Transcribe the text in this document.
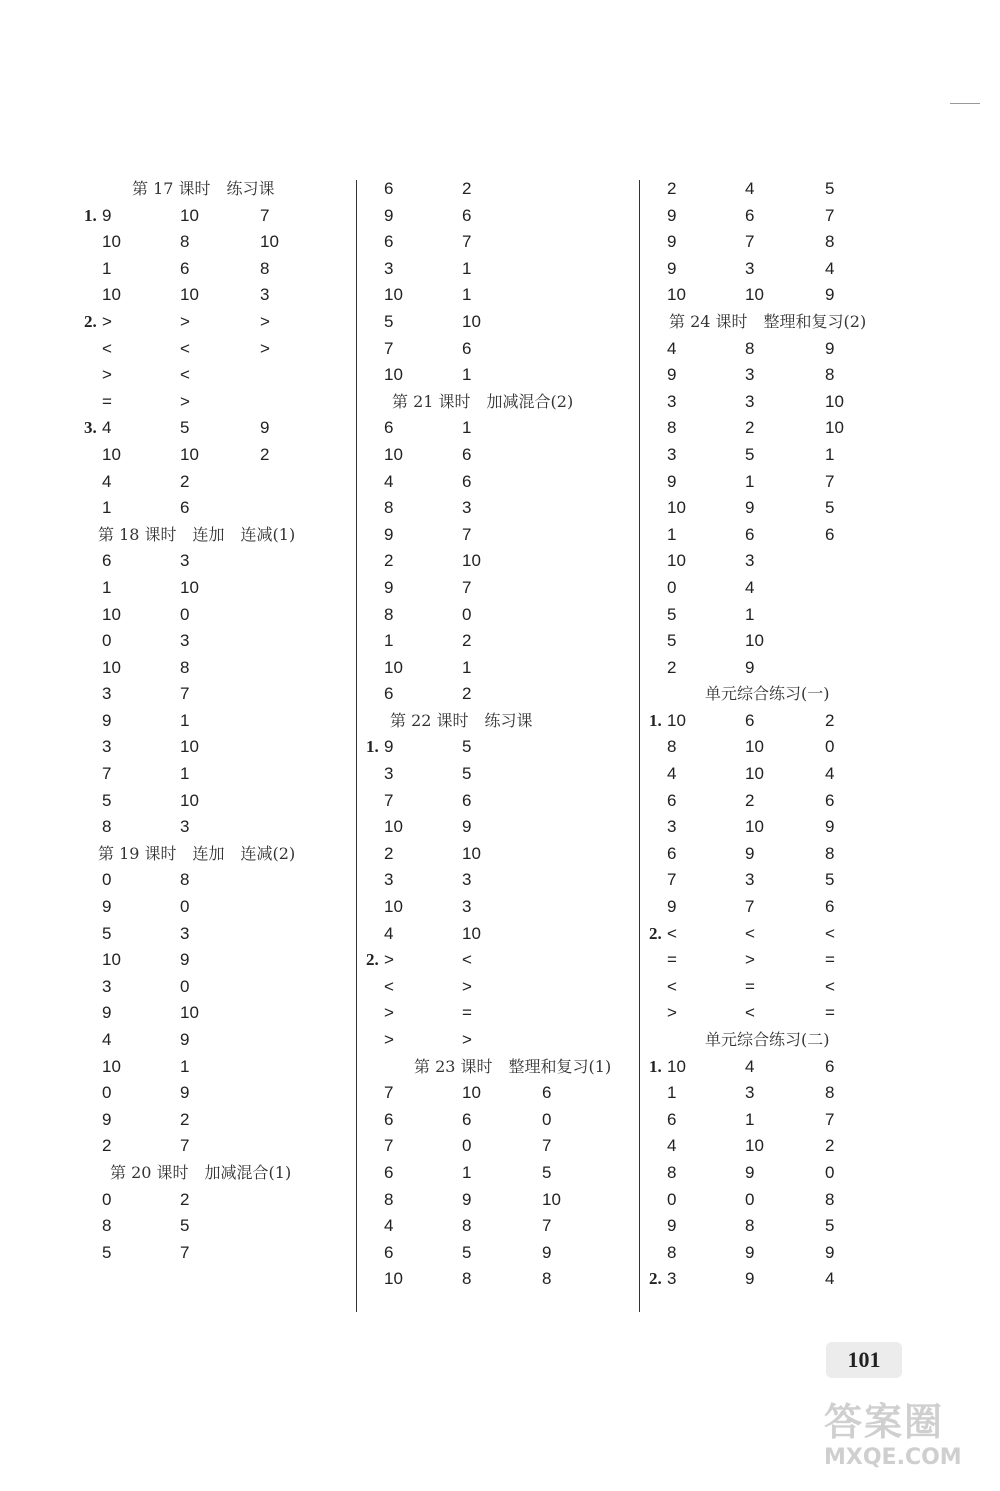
第 17 课时　练习课
1. 9	10	7
10	8	10
1	6	8
10	10	3
2. >	>	>
<	<	>
>	<
=	>
3. 4	5	9
10	10	2
4	2
1	6
第 18 课时　连加　连减(1)
6	3
1	10
10	0
0	3
10	8
3	7
9	1
3	10
7	1
5	10
8	3
第 19 课时　连加　连减(2)
0	8
9	0
5	3
10	9
3	0
9	10
4	9
10	1
0	9
9	2
2	7
第 20 课时　加减混合(1)
0	2
8	5
5	7
6	2
9	6
6	7
3	1
10	1
5	10
7	6
10	1
第 21 课时　加减混合(2)
6	1
10	6
4	6
8	3
9	7
2	10
9	7
8	0
1	2
10	1
6	2
第 22 课时　练习课
1. 9	5
3	5
7	6
10	9
2	10
3	3
10	3
4	10
2. >	<
<	>
>	=
>	>
第 23 课时　整理和复习(1)
7	10	6
6	6	0
7	0	7
6	1	5
8	9	10
4	8	7
6	5	9
10	8	8
2	4	5
9	6	7
9	7	8
9	3	4
10	10	9
第 24 课时　整理和复习(2)
4	8	9
9	3	8
3	3	10
8	2	10
3	5	1
9	1	7
10	9	5
1	6	6
10	3
0	4
5	1
5	10
2	9
单元综合练习(一)
1. 10	6	2
8	10	0
4	10	4
6	2	6
3	10	9
6	9	8
7	3	5
9	7	6
2. <	<	<
=	>	=
<	=	<
>	<	=
单元综合练习(二)
1. 10	4	6
1	3	8
6	1	7
4	10	2
8	9	0
0	0	8
9	8	5
8	9	9
2. 3	9	4
101
答案圈
MXQE.COM
